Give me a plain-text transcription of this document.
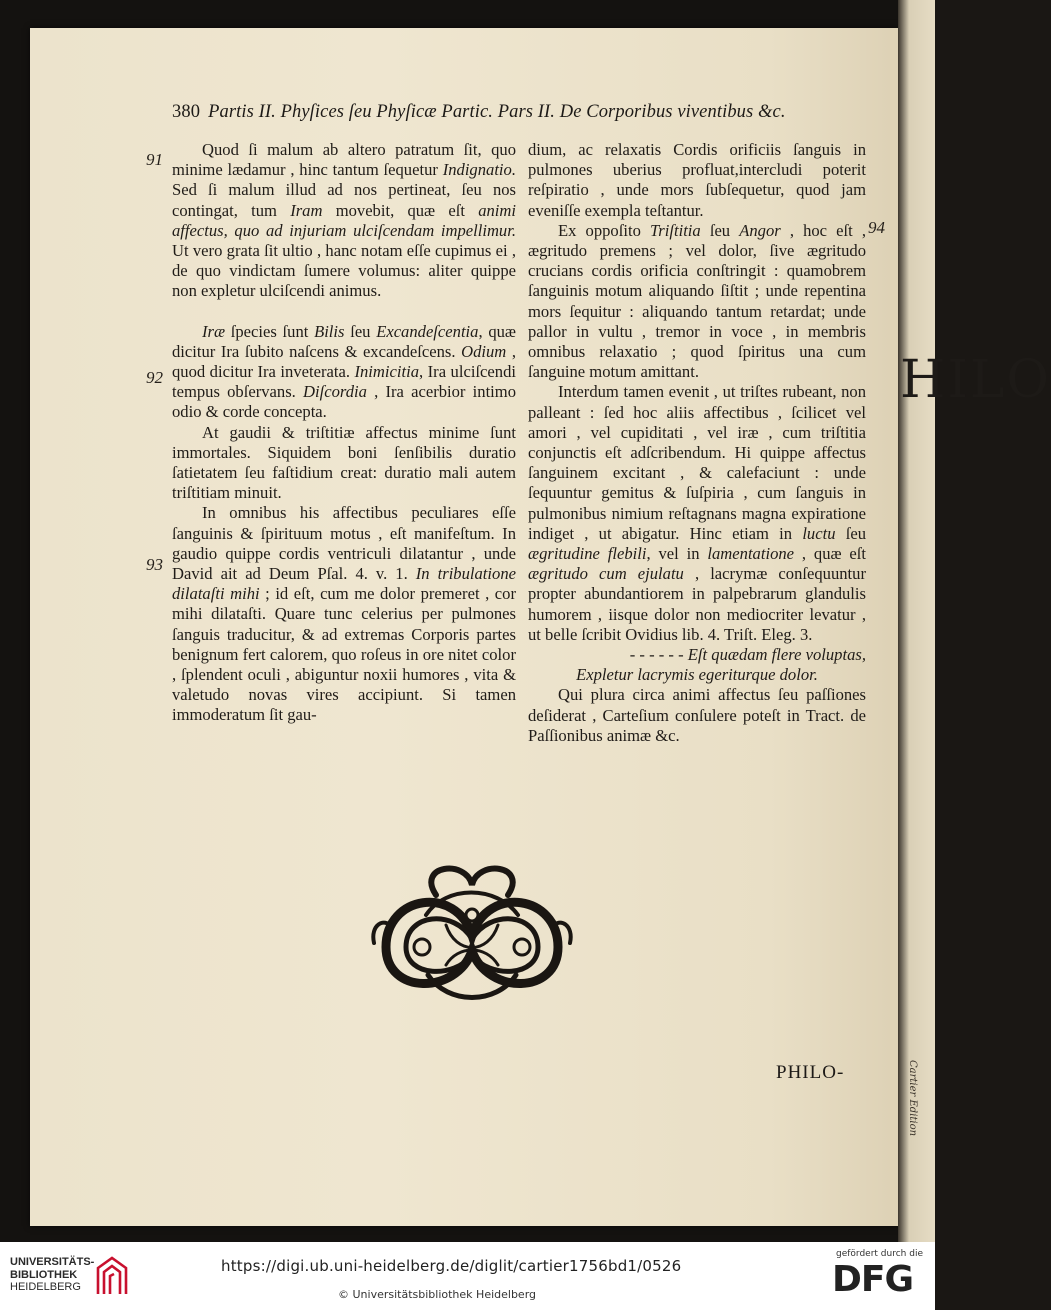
HILO
Cartier Edition
380 Partis II. Phyſices ſeu Phyſicæ Partic. Pars II. De Corporibus viventibus &c.
91
92
93
94

Quod ſi malum ab altero patratum ſit, quo minime lædamur , hinc tantum ſequetur Indignatio. Sed ſi malum illud ad nos pertineat, ſeu nos contingat, tum Iram movebit, quæ eſt animi affectus, quo ad injuriam ulciſcendam impellimur. Ut vero grata ſit ultio , hanc notam eſſe cupimus ei , de quo vindictam ſumere volumus: aliter quippe non expletur ulciſcendi animus.

Iræ ſpecies ſunt Bilis ſeu Excandeſcentia, quæ dicitur Ira ſubito naſcens & excandeſcens. Odium , quod dicitur Ira inveterata. Inimicitia, Ira ulciſcendi tempus obſervans. Diſcordia , Ira acerbior intimo odio & corde concepta.

At gaudii & triſtitiæ affectus minime ſunt immortales. Siquidem boni ſenſibilis duratio ſatietatem ſeu faſtidium creat: duratio mali autem triſtitiam minuit.

In omnibus his affectibus peculiares eſſe ſanguinis & ſpirituum motus , eſt manifeſtum. In gaudio quippe cordis ventriculi dilatantur , unde David ait ad Deum Pſal. 4. v. 1. In tribulatione dilataſti mihi ; id eſt, cum me dolor premeret , cor mihi dilataſti. Quare tunc celerius per pulmones ſanguis traducitur, & ad extremas Corporis partes benignum fert calorem, quo roſeus in ore nitet color , ſplendent oculi , abiguntur noxii humores , vita & valetudo novas vires accipiunt. Si tamen immoderatum ſit gau-

dium, ac relaxatis Cordis orificiis ſanguis in pulmones uberius profluat,intercludi poterit reſpiratio , unde mors ſubſequetur, quod jam eveniſſe exempla teſtantur.

Ex oppoſito Triſtitia ſeu Angor , hoc eſt , ægritudo premens ; vel dolor, ſive ægritudo crucians cordis orificia conſtringit : quamobrem ſanguinis motum aliquando ſiſtit ; unde repentina mors ſequitur : aliquando tantum retardat; unde pallor in vultu , tremor in voce , in membris omnibus relaxatio ; quod ſpiritus una cum ſanguine motum amittant.

Interdum tamen evenit , ut triſtes rubeant, non palleant : ſed hoc aliis affectibus , ſcilicet vel amori , vel cupiditati , vel iræ , cum triſtitia conjunctis eſt adſcribendum. Hi quippe affectus ſanguinem excitant , & calefaciunt : unde ſequuntur gemitus & ſuſpiria , cum ſanguis in pulmonibus nimium reſtagnans magna expiratione indiget , ut abigatur. Hinc etiam in luctu ſeu ægritudine flebili, vel in lamentatione , quæ eſt ægritudo cum ejulatu , lacrymæ conſequuntur propter abundantiorem in palpebrarum glandulis humorem , iisque dolor non mediocriter levatur , ut belle ſcribit Ovidius lib. 4. Triſt. Eleg. 3.

- - - - - - Eſt quædam flere voluptas,

Expletur lacrymis egeriturque dolor.

Qui plura circa animi affectus ſeu paſſiones deſiderat , Carteſium conſulere poteſt in Tract. de Paſſionibus animæ &c.

PHILO-
UNIVERSITÄTS-
BIBLIOTHEK
HEIDELBERG
https://digi.ub.uni-heidelberg.de/diglit/cartier1756bd1/0526
© Universitätsbibliothek Heidelberg
gefördert durch die
DFG
